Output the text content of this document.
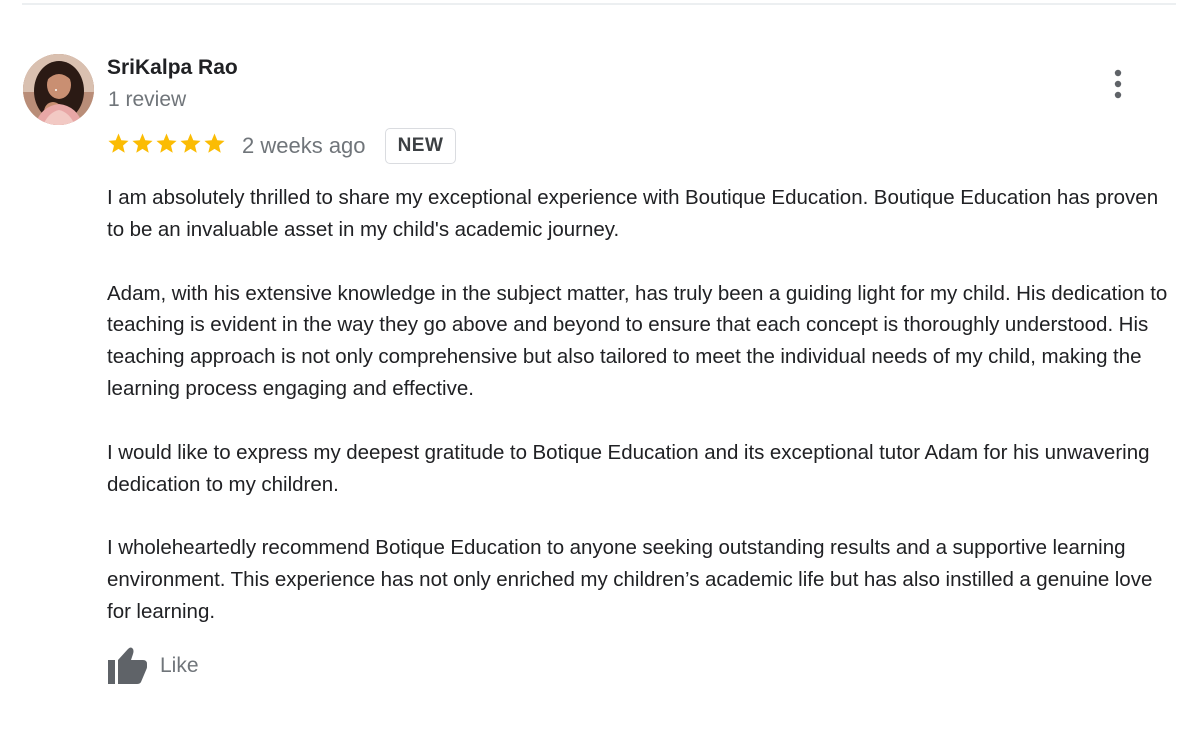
SriKalpa Rao
1 review
2 weeks ago	NEW

I am absolutely thrilled to share my exceptional experience with Boutique Education. Boutique Education has proven to be an invaluable asset in my child's academic journey.

Adam, with his extensive knowledge in the subject matter, has truly been a guiding light for my child. His dedication to teaching is evident in the way they go above and beyond to ensure that each concept is thoroughly understood. His teaching approach is not only comprehensive but also tailored to meet the individual needs of my child, making the learning process engaging and effective.

I would like to express my deepest gratitude to Botique Education and its exceptional tutor Adam for his unwavering dedication to my children.

I wholeheartedly recommend Botique Education to anyone seeking outstanding results and a supportive learning environment. This experience has not only enriched my children’s academic life but has also instilled a genuine love for learning.

Like
